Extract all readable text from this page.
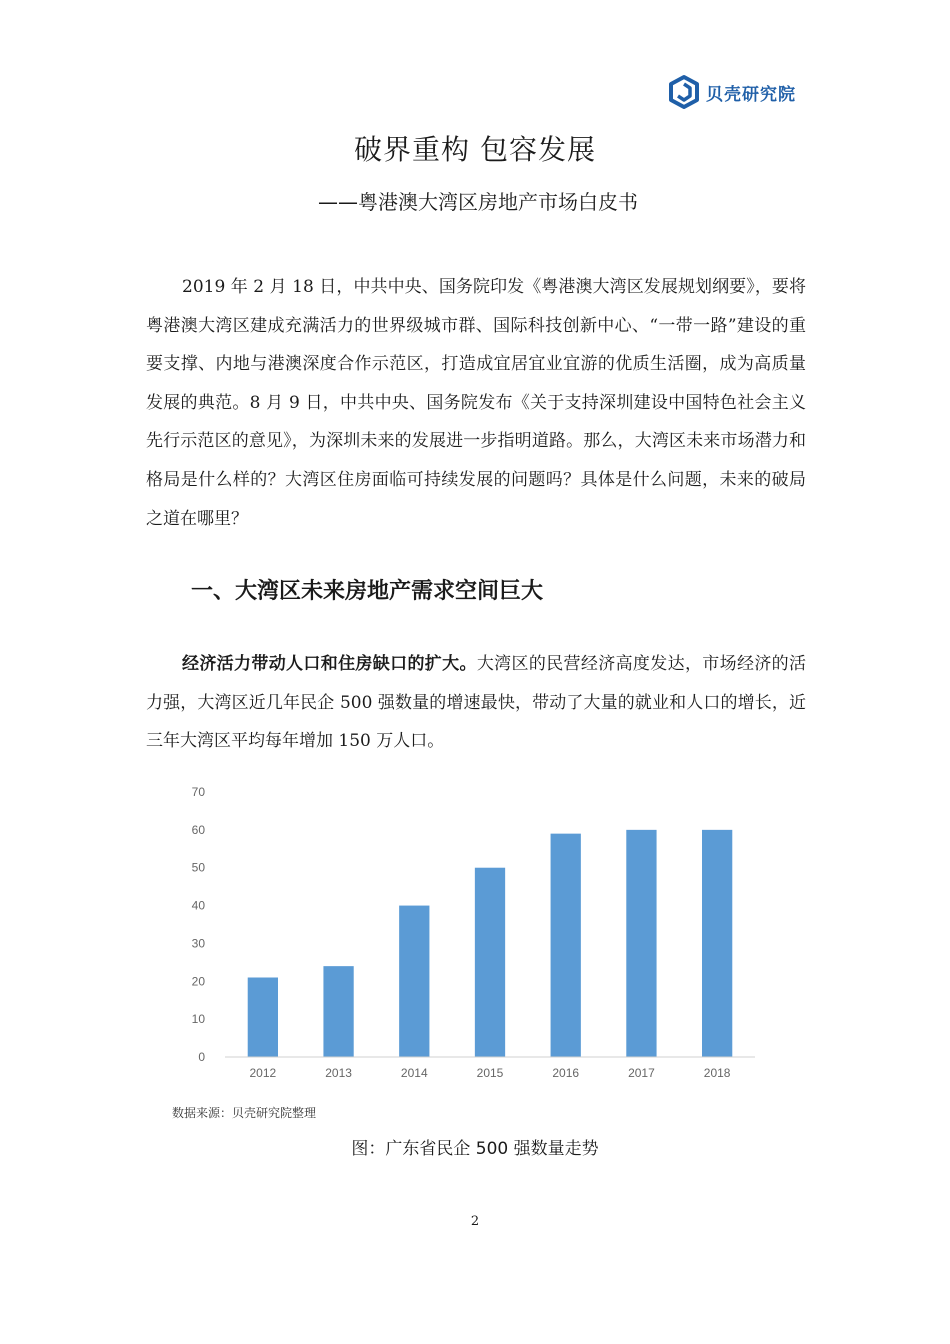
贝壳研究院
破界重构 包容发展
——粤港澳大湾区房地产市场白皮书
2019 年 2 月 18 日，中共中央、国务院印发《粤港澳大湾区发展规划纲要》，要将粤港澳大湾区建成充满活力的世界级城市群、国际科技创新中心、“一带一路”建设的重要支撑、内地与港澳深度合作示范区，打造成宜居宜业宜游的优质生活圈，成为高质量发展的典范。8 月 9 日，中共中央、国务院发布《关于支持深圳建设中国特色社会主义先行示范区的意见》，为深圳未来的发展进一步指明道路。那么，大湾区未来市场潜力和格局是什么样的？大湾区住房面临可持续发展的问题吗？具体是什么问题，未来的破局之道在哪里？
一、大湾区未来房地产需求空间巨大
经济活力带动人口和住房缺口的扩大。大湾区的民营经济高度发达，市场经济的活力强，大湾区近几年民企 500 强数量的增速最快，带动了大量的就业和人口的增长，近三年大湾区平均每年增加 150 万人口。
0
10
20
30
40
50
60
70
2012	2013	2014	2015	2016	2017	2018
数据来源：贝壳研究院整理
图：广东省民企 500 强数量走势
2
